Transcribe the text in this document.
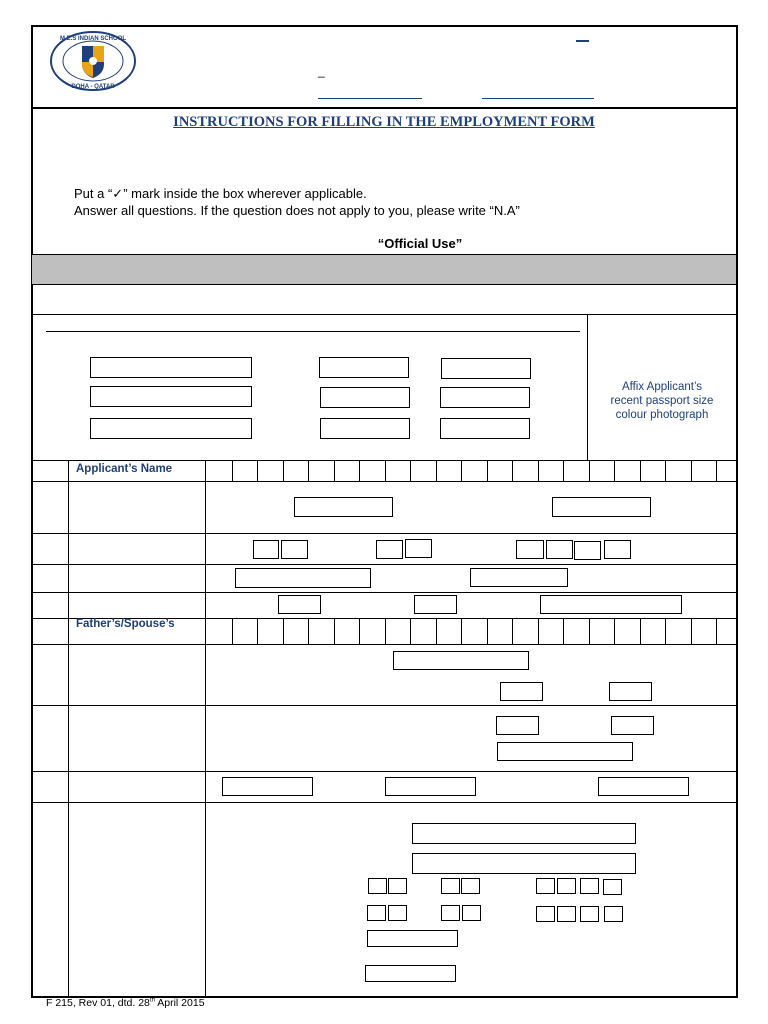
M.E.S INDIAN SCHOOL
DOHA - QATAR
_
INSTRUCTIONS FOR FILLING IN THE EMPLOYMENT FORM
Put a “✓” mark inside the box wherever applicable.
Answer all questions. If the question does not apply to you, please write “N.A”
“Official Use”
Affix Applicant’s
recent passport size
colour photograph
Applicant’s Name
Father’s/Spouse’s
F 215, Rev 01, dtd. 28th April 2015
